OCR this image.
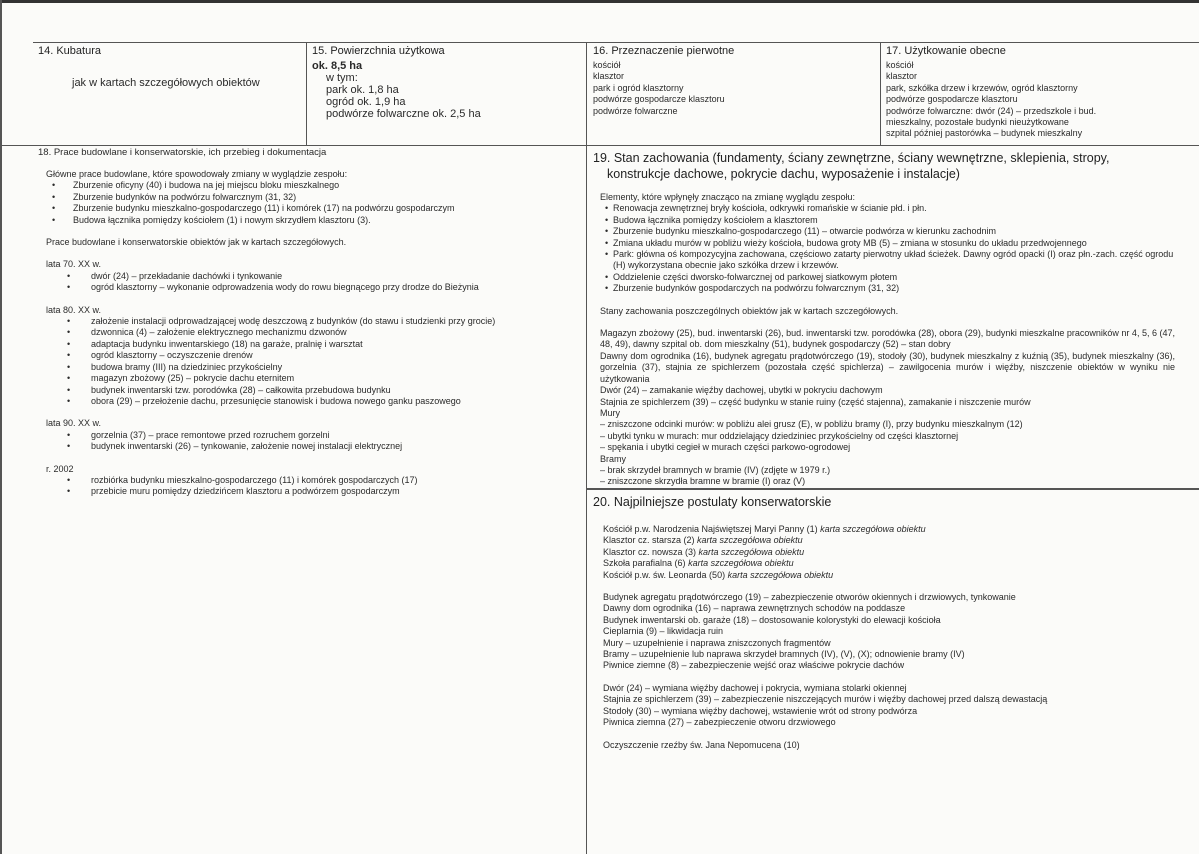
14. Kubatura
jak w kartach szczegółowych obiektów
15. Powierzchnia użytkowa
ok. 8,5 ha
w tym:
park ok. 1,8 ha
ogród ok. 1,9 ha
podwórze folwarczne ok. 2,5 ha
16. Przeznaczenie pierwotne
kościół
klasztor
park i ogród klasztorny
podwórze gospodarcze klasztoru
podwórze folwarczne
17. Użytkowanie obecne
kościół
klasztor
park, szkółka drzew i krzewów, ogród klasztorny
podwórze gospodarcze klasztoru
podwórze folwarczne: dwór (24) – przedszkole i bud.
mieszkalny, pozostałe budynki nieużytkowane
szpital później pastorówka – budynek mieszkalny
18. Prace budowlane i konserwatorskie, ich przebieg i dokumentacja
Główne prace budowlane, które spowodowały zmiany w wyglądzie zespołu:
• Zburzenie oficyny (40) i budowa na jej miejscu bloku mieszkalnego
• Zburzenie budynków na podwórzu folwarcznym (31, 32)
• Zburzenie budynku mieszkalno-gospodarczego (11) i komórek (17) na podwórzu gospodarczym
• Budowa łącznika pomiędzy kościołem (1) i nowym skrzydłem klasztoru (3).
Prace budowlane i konserwatorskie obiektów jak w kartach szczegółowych.
lata 70. XX w.
• dwór (24) – przekładanie dachówki i tynkowanie
• ogród klasztorny – wykonanie odprowadzenia wody do rowu biegnącego przy drodze do Bieżynia
lata 80. XX w.
• założenie instalacji odprowadzającej wodę deszczową z budynków (do stawu i studzienki przy grocie)
• dzwonnica (4) – założenie elektrycznego mechanizmu dzwonów
• adaptacja budynku inwentarskiego (18) na garaże, pralnię i warsztat
• ogród klasztorny – oczyszczenie drenów
• budowa bramy (III) na dziedziniec przykościelny
• magazyn zbożowy (25) – pokrycie dachu eternitem
• budynek inwentarski tzw. porodówka (28) – całkowita przebudowa budynku
• obora (29) – przełożenie dachu, przesunięcie stanowisk i budowa nowego ganku paszowego
lata 90. XX w.
• gorzelnia (37) – prace remontowe przed rozruchem gorzelni
• budynek inwentarski (26) – tynkowanie, założenie nowej instalacji elektrycznej
r. 2002
• rozbiórka budynku mieszkalno-gospodarczego (11) i komórek gospodarczych (17)
• przebicie muru pomiędzy dziedzińcem klasztoru a podwórzem gospodarczym
19. Stan zachowania (fundamenty, ściany zewnętrzne, ściany wewnętrzne, sklepienia, stropy,
konstrukcje dachowe, pokrycie dachu, wyposażenie i instalacje)
Elementy, które wpłynęły znacząco na zmianę wyglądu zespołu:
• Renowacja zewnętrznej bryły kościoła, odkrywki romańskie w ścianie płd. i płn.
• Budowa łącznika pomiędzy kościołem a klasztorem
• Zburzenie budynku mieszkalno-gospodarczego (11) – otwarcie podwórza w kierunku zachodnim
• Zmiana układu murów w pobliżu wieży kościoła, budowa groty MB (5) – zmiana w stosunku do układu przedwojennego
• Park: główna oś kompozycyjna zachowana, częściowo zatarty pierwotny układ ścieżek. Dawny ogród opacki (I) oraz płn.-zach. część ogrodu (H) wykorzystana obecnie jako szkółka drzew i krzewów.
• Oddzielenie części dworsko-folwarcznej od parkowej siatkowym płotem
• Zburzenie budynków gospodarczych na podwórzu folwarcznym (31, 32)
Stany zachowania poszczególnych obiektów jak w kartach szczegółowych.
Magazyn zbożowy (25), bud. inwentarski (26), bud. inwentarski tzw. porodówka (28), obora (29), budynki mieszkalne pracowników nr 4, 5, 6 (47, 48, 49), dawny szpital ob. dom mieszkalny (51), budynek gospodarczy (52) – stan dobry
Dawny dom ogrodnika (16), budynek agregatu prądotwórczego (19), stodoły (30), budynek mieszkalny z kuźnią (35), budynek mieszkalny (36), gorzelnia (37), stajnia ze spichlerzem (pozostała część spichlerza) – zawilgocenia murów i więźby, niszczenie obiektów w wyniku nie użytkowania
Dwór (24) – zamakanie więźby dachowej, ubytki w pokryciu dachowym
Stajnia ze spichlerzem (39) – część budynku w stanie ruiny (część stajenna), zamakanie i niszczenie murów
Mury
– zniszczone odcinki murów: w pobliżu alei grusz (E), w pobliżu bramy (I), przy budynku mieszkalnym (12)
– ubytki tynku w murach: mur oddzielający dziedziniec przykościelny od części klasztornej
– spękania i ubytki cegieł w murach części parkowo-ogrodowej
Bramy
– brak skrzydeł bramnych w bramie (IV) (zdjęte w 1979 r.)
– zniszczone skrzydła bramne w bramie (I) oraz (V)
20. Najpilniejsze postulaty konserwatorskie
Kościół p.w. Narodzenia Najświętszej Maryi Panny (1) karta szczegółowa obiektu
Klasztor cz. starsza (2) karta szczegółowa obiektu
Klasztor cz. nowsza (3) karta szczegółowa obiektu
Szkoła parafialna (6) karta szczegółowa obiektu
Kościół p.w. św. Leonarda (50) karta szczegółowa obiektu
Budynek agregatu prądotwórczego (19) – zabezpieczenie otworów okiennych i drzwiowych, tynkowanie
Dawny dom ogrodnika (16) – naprawa zewnętrznych schodów na poddasze
Budynek inwentarski ob. garaże (18) – dostosowanie kolorystyki do elewacji kościoła
Cieplarnia (9) – likwidacja ruin
Mury – uzupełnienie i naprawa zniszczonych fragmentów
Bramy – uzupełnienie lub naprawa skrzydeł bramnych (IV), (V), (X); odnowienie bramy (IV)
Piwnice ziemne (8) – zabezpieczenie wejść oraz właściwe pokrycie dachów
Dwór (24) – wymiana więźby dachowej i pokrycia, wymiana stolarki okiennej
Stajnia ze spichlerzem (39) – zabezpieczenie niszczejących murów i więźby dachowej przed dalszą dewastacją
Stodoły (30) – wymiana więźby dachowej, wstawienie wrót od strony podwórza
Piwnica ziemna (27) – zabezpieczenie otworu drzwiowego
Oczyszczenie rzeźby św. Jana Nepomucena (10)
